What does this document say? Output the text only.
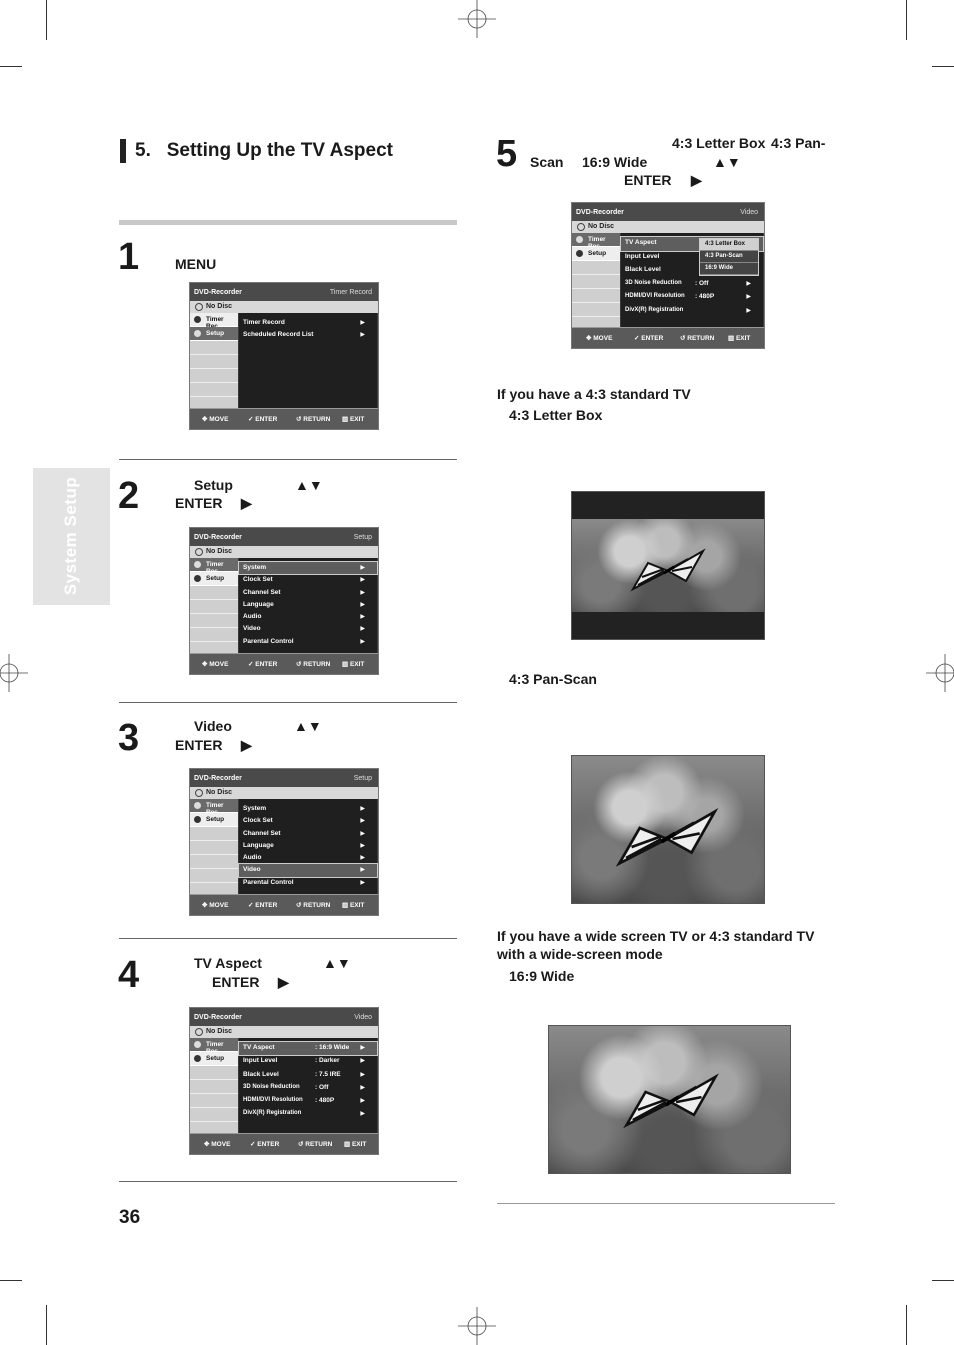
5. Setting Up the TV Aspect
System Setup
1	MENU
DVD-Recorder	Timer Record
No Disc
Timer
Setup
Timer Record	▶
Scheduled Record List	▶
✥ MOVE	✓ ENTER	↺ RETURN ▥ EXIT
2	Setup	▲▼
ENTER ▶
DVD-Recorder	Setup
No Disc
Timer
Setup
System	▶
Clock Set	▶
Channel Set	▶
Language	▶
Audio	▶
Video	▶
Parental Control	▶
✥ MOVE	✓ ENTER	↺ RETURN ▥ EXIT
3	Video	▲▼
ENTER ▶
DVD-Recorder	Setup
No Disc
Timer
Setup
System	▶
Clock Set	▶
Channel Set	▶
Language	▶
Audio	▶
Video	▶
Parental Control	▶
✥ MOVE	✓ ENTER	↺ RETURN ▥ EXIT
4	TV Aspect	▲▼
ENTER ▶
DVD-Recorder	Video
No Disc
Timer
Setup
TV Aspect	: 16:9 Wide ▶
Input Level	: Darker	▶
Black Level	: 7.5 IRE	▶
3D Noise Reduction : Off	▶
HDMI/DVI Resolution : 480P	▶
DivX(R) Registration	▶
✥ MOVE	✓ ENTER	↺ RETURN ▥ EXIT
36
5	4:3 Letter Box 4:3 Pan-
Scan 16:9 Wide	▲▼
ENTER ▶
DVD-Recorder	Video
No Disc
Timer
Setup
TV Aspect
Input Level
Black Level
3D Noise Reduction : Off	▶
HDMI/DVI Resolution : 480P	▶
DivX(R) Registration	▶
4:3 Letter Box
4:3 Pan-Scan
16:9 Wide
✥ MOVE	✓ ENTER	↺ RETURN ▥ EXIT
If you have a 4:3 standard TV
4:3 Letter Box
4:3 Pan-Scan
If you have a wide screen TV or 4:3 standard TV
with a wide-screen mode
16:9 Wide
